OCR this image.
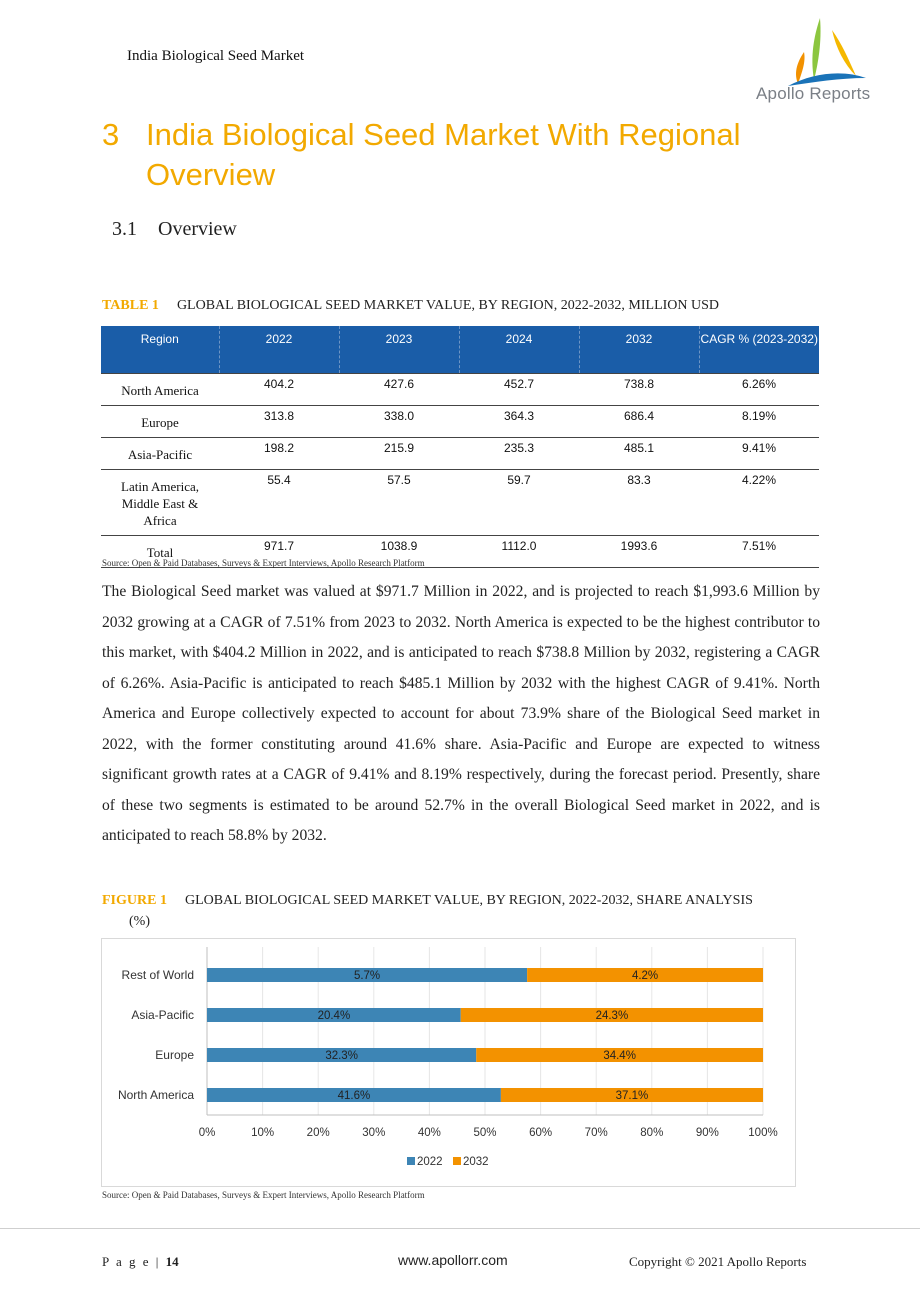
India Biological Seed Market
Apollo Reports
3 India Biological Seed Market With Regional Overview
3.1 Overview
TABLE 1 GLOBAL BIOLOGICAL SEED MARKET VALUE, BY REGION, 2022-2032, MILLION USD
Region	2022	2023	2024	2032	CAGR % (2023-2032)
North America	404.2	427.6	452.7	738.8	6.26%
Europe	313.8	338.0	364.3	686.4	8.19%
Asia-Pacific	198.2	215.9	235.3	485.1	9.41%
Latin America, Middle East & Africa	55.4	57.5	59.7	83.3	4.22%
Total	971.7	1038.9	1112.0	1993.6	7.51%
Source: Open & Paid Databases, Surveys & Expert Interviews, Apollo Research Platform
The Biological Seed market was valued at $971.7 Million in 2022, and is projected to reach $1,993.6 Million by 2032 growing at a CAGR of 7.51% from 2023 to 2032. North America is expected to be the highest contributor to this market, with $404.2 Million in 2022, and is anticipated to reach $738.8 Million by 2032, registering a CAGR of 6.26%. Asia-Pacific is anticipated to reach $485.1 Million by 2032 with the highest CAGR of 9.41%. North America and Europe collectively expected to account for about 73.9% share of the Biological Seed market in 2022, with the former constituting around 41.6% share. Asia-Pacific and Europe are expected to witness significant growth rates at a CAGR of 9.41% and 8.19% respectively, during the forecast period. Presently, share of these two segments is estimated to be around 52.7% in the overall Biological Seed market in 2022, and is anticipated to reach 58.8% by 2032.
FIGURE 1 GLOBAL BIOLOGICAL SEED MARKET VALUE, BY REGION, 2022-2032, SHARE ANALYSIS
(%)
0%	10%	20%	30%	40%	50%	60%	70%	80%	90%	100%
Rest of World	5.7%	4.2%
Asia-Pacific	20.4%	24.3%
Europe	32.3%	34.4%
North America	41.6%	37.1%
2022 2032
Source: Open & Paid Databases, Surveys & Expert Interviews, Apollo Research Platform
P a g e | 14	www.apollorr.com	Copyright © 2021 Apollo Reports
